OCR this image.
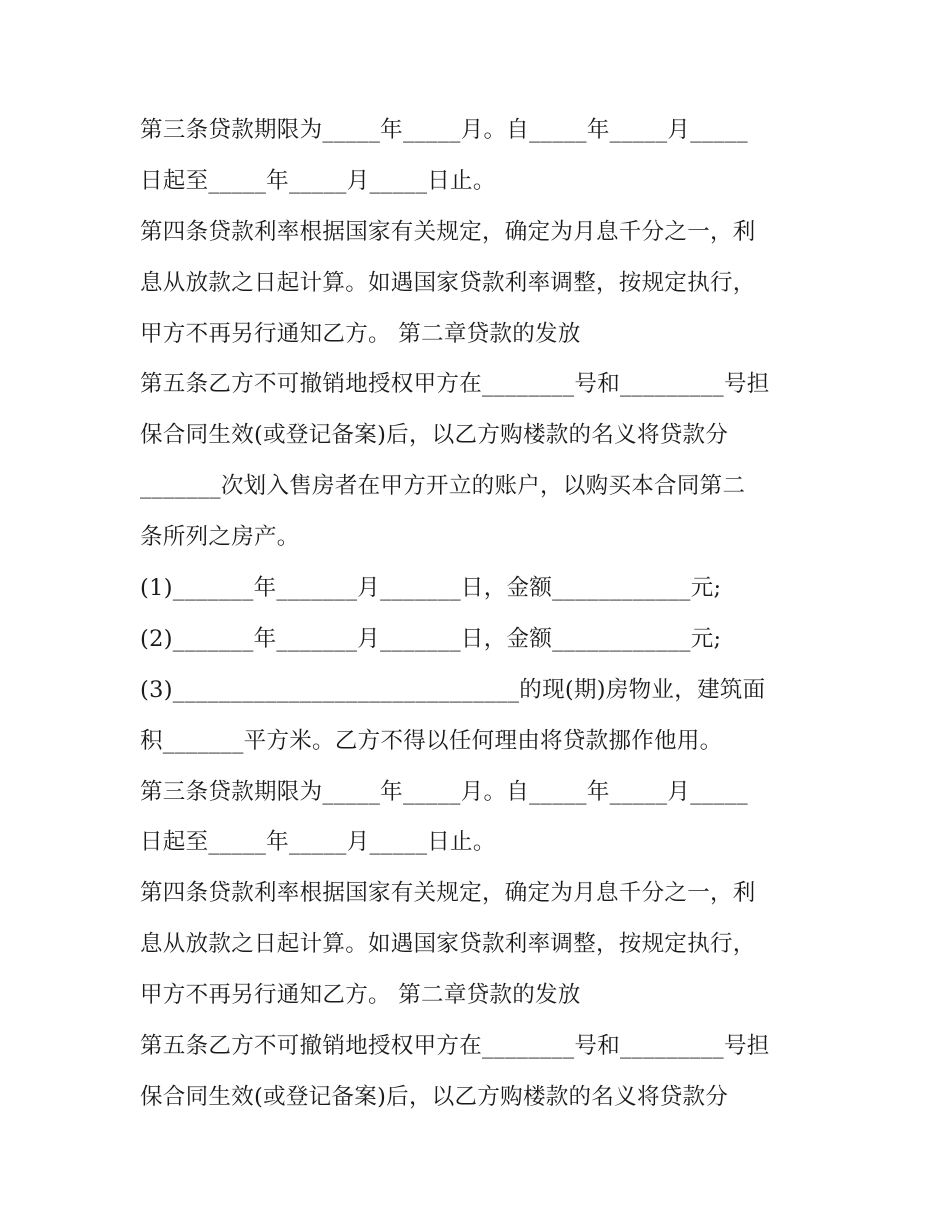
第三条贷款期限为_____年_____月。自_____年_____月_____
日起至_____年_____月_____日止。
第四条贷款利率根据国家有关规定，确定为月息千分之一，利
息从放款之日起计算。如遇国家贷款利率调整，按规定执行，
甲方不再另行通知乙方。 第二章贷款的发放
第五条乙方不可撤销地授权甲方在________号和_________号担
保合同生效(或登记备案)后，以乙方购楼款的名义将贷款分
_______次划入售房者在甲方开立的账户，以购买本合同第二
条所列之房产。
(1)_______年_______月_______日，金额____________元;
(2)_______年_______月_______日，金额____________元;
(3)______________________________的现(期)房物业，建筑面
积_______平方米。乙方不得以任何理由将贷款挪作他用。
第三条贷款期限为_____年_____月。自_____年_____月_____
日起至_____年_____月_____日止。
第四条贷款利率根据国家有关规定，确定为月息千分之一，利
息从放款之日起计算。如遇国家贷款利率调整，按规定执行，
甲方不再另行通知乙方。 第二章贷款的发放
第五条乙方不可撤销地授权甲方在________号和_________号担
保合同生效(或登记备案)后，以乙方购楼款的名义将贷款分
